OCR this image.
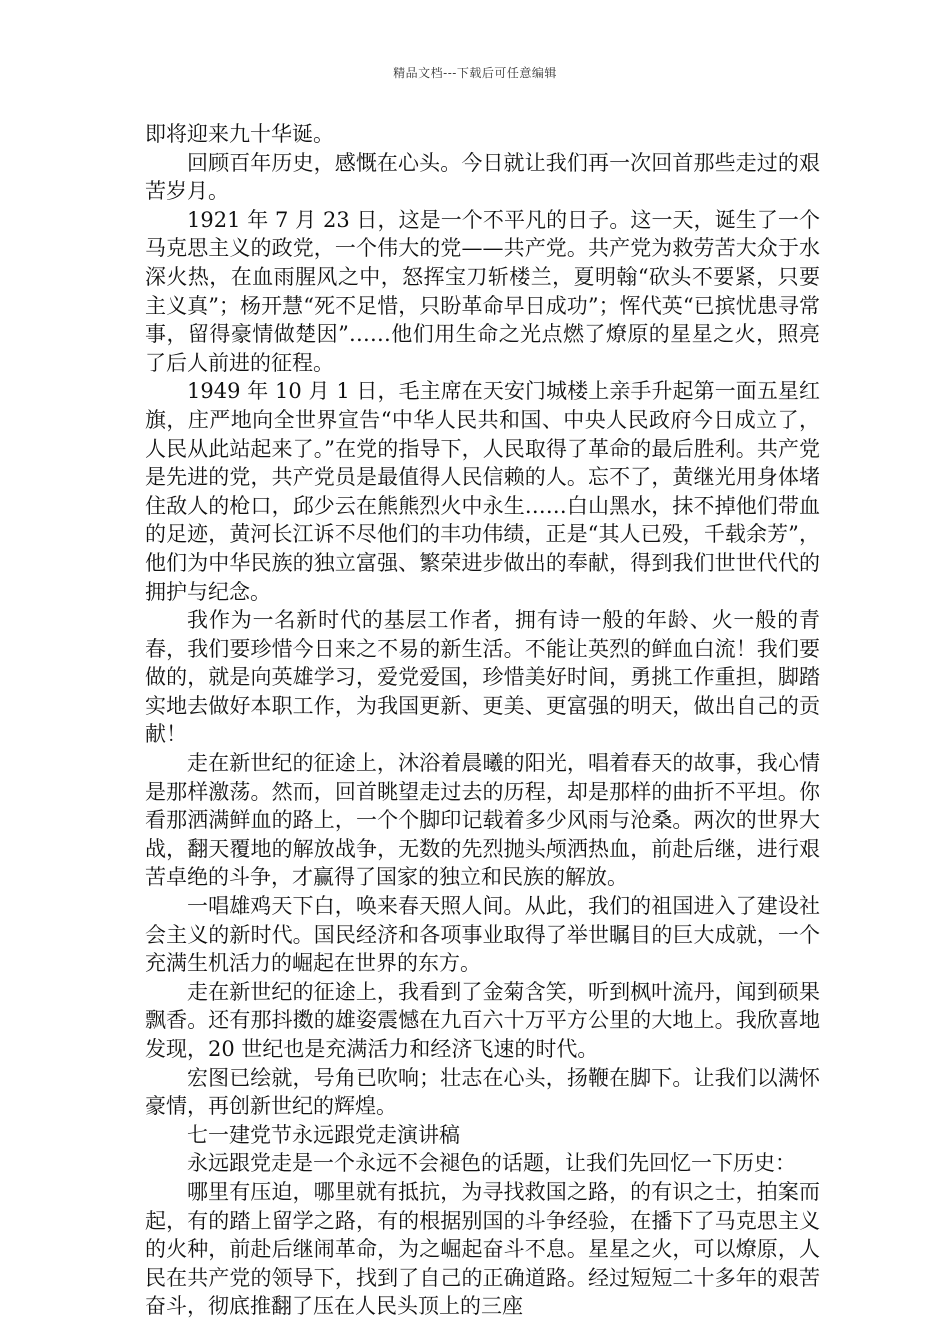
精品文档---下载后可任意编辑

即将迎来九十华诞。

回顾百年历史，感慨在心头。今日就让我们再一次回首那些走过的艰苦岁月。

1921 年 7 月 23 日，这是一个不平凡的日子。这一天，诞生了一个马克思主义的政党，一个伟大的党——共产党。共产党为救劳苦大众于水深火热，在血雨腥风之中，怒挥宝刀斩楼兰，夏明翰“砍头不要紧，只要主义真”；杨开慧“死不足惜，只盼革命早日成功”；恽代英“已摈忧患寻常事，留得豪情做楚因”……他们用生命之光点燃了燎原的星星之火，照亮了后人前进的征程。

1949 年 10 月 1 日，毛主席在天安门城楼上亲手升起第一面五星红旗，庄严地向全世界宣告“中华人民共和国、中央人民政府今日成立了，人民从此站起来了。”在党的指导下，人民取得了革命的最后胜利。共产党是先进的党，共产党员是最值得人民信赖的人。忘不了，黄继光用身体堵住敌人的枪口，邱少云在熊熊烈火中永生……白山黑水，抹不掉他们带血的足迹，黄河长江诉不尽他们的丰功伟绩，正是“其人已殁，千载余芳”，他们为中华民族的独立富强、繁荣进步做出的奉献，得到我们世世代代的拥护与纪念。

我作为一名新时代的基层工作者，拥有诗一般的年龄、火一般的青春，我们要珍惜今日来之不易的新生活。不能让英烈的鲜血白流！我们要做的，就是向英雄学习，爱党爱国，珍惜美好时间，勇挑工作重担，脚踏实地去做好本职工作，为我国更新、更美、更富强的明天，做出自己的贡献！

走在新世纪的征途上，沐浴着晨曦的阳光，唱着春天的故事，我心情是那样激荡。然而，回首眺望走过去的历程，却是那样的曲折不平坦。你看那洒满鲜血的路上，一个个脚印记载着多少风雨与沧桑。两次的世界大战，翻天覆地的解放战争，无数的先烈抛头颅洒热血，前赴后继，进行艰苦卓绝的斗争，才赢得了国家的独立和民族的解放。

一唱雄鸡天下白，唤来春天照人间。从此，我们的祖国进入了建设社会主义的新时代。国民经济和各项事业取得了举世瞩目的巨大成就，一个充满生机活力的崛起在世界的东方。

走在新世纪的征途上，我看到了金菊含笑，听到枫叶流丹，闻到硕果飘香。还有那抖擞的雄姿震憾在九百六十万平方公里的大地上。我欣喜地发现，20 世纪也是充满活力和经济飞速的时代。

宏图已绘就，号角已吹响；壮志在心头，扬鞭在脚下。让我们以满怀豪情，再创新世纪的辉煌。

七一建党节永远跟党走演讲稿

永远跟党走是一个永远不会褪色的话题，让我们先回忆一下历史：

哪里有压迫，哪里就有抵抗，为寻找救国之路，的有识之士，拍案而起，有的踏上留学之路，有的根据别国的斗争经验，在播下了马克思主义的火种，前赴后继闹革命，为之崛起奋斗不息。星星之火，可以燎原，人民在共产党的领导下，找到了自己的正确道路。经过短短二十多年的艰苦奋斗，彻底推翻了压在人民头顶上的三座
